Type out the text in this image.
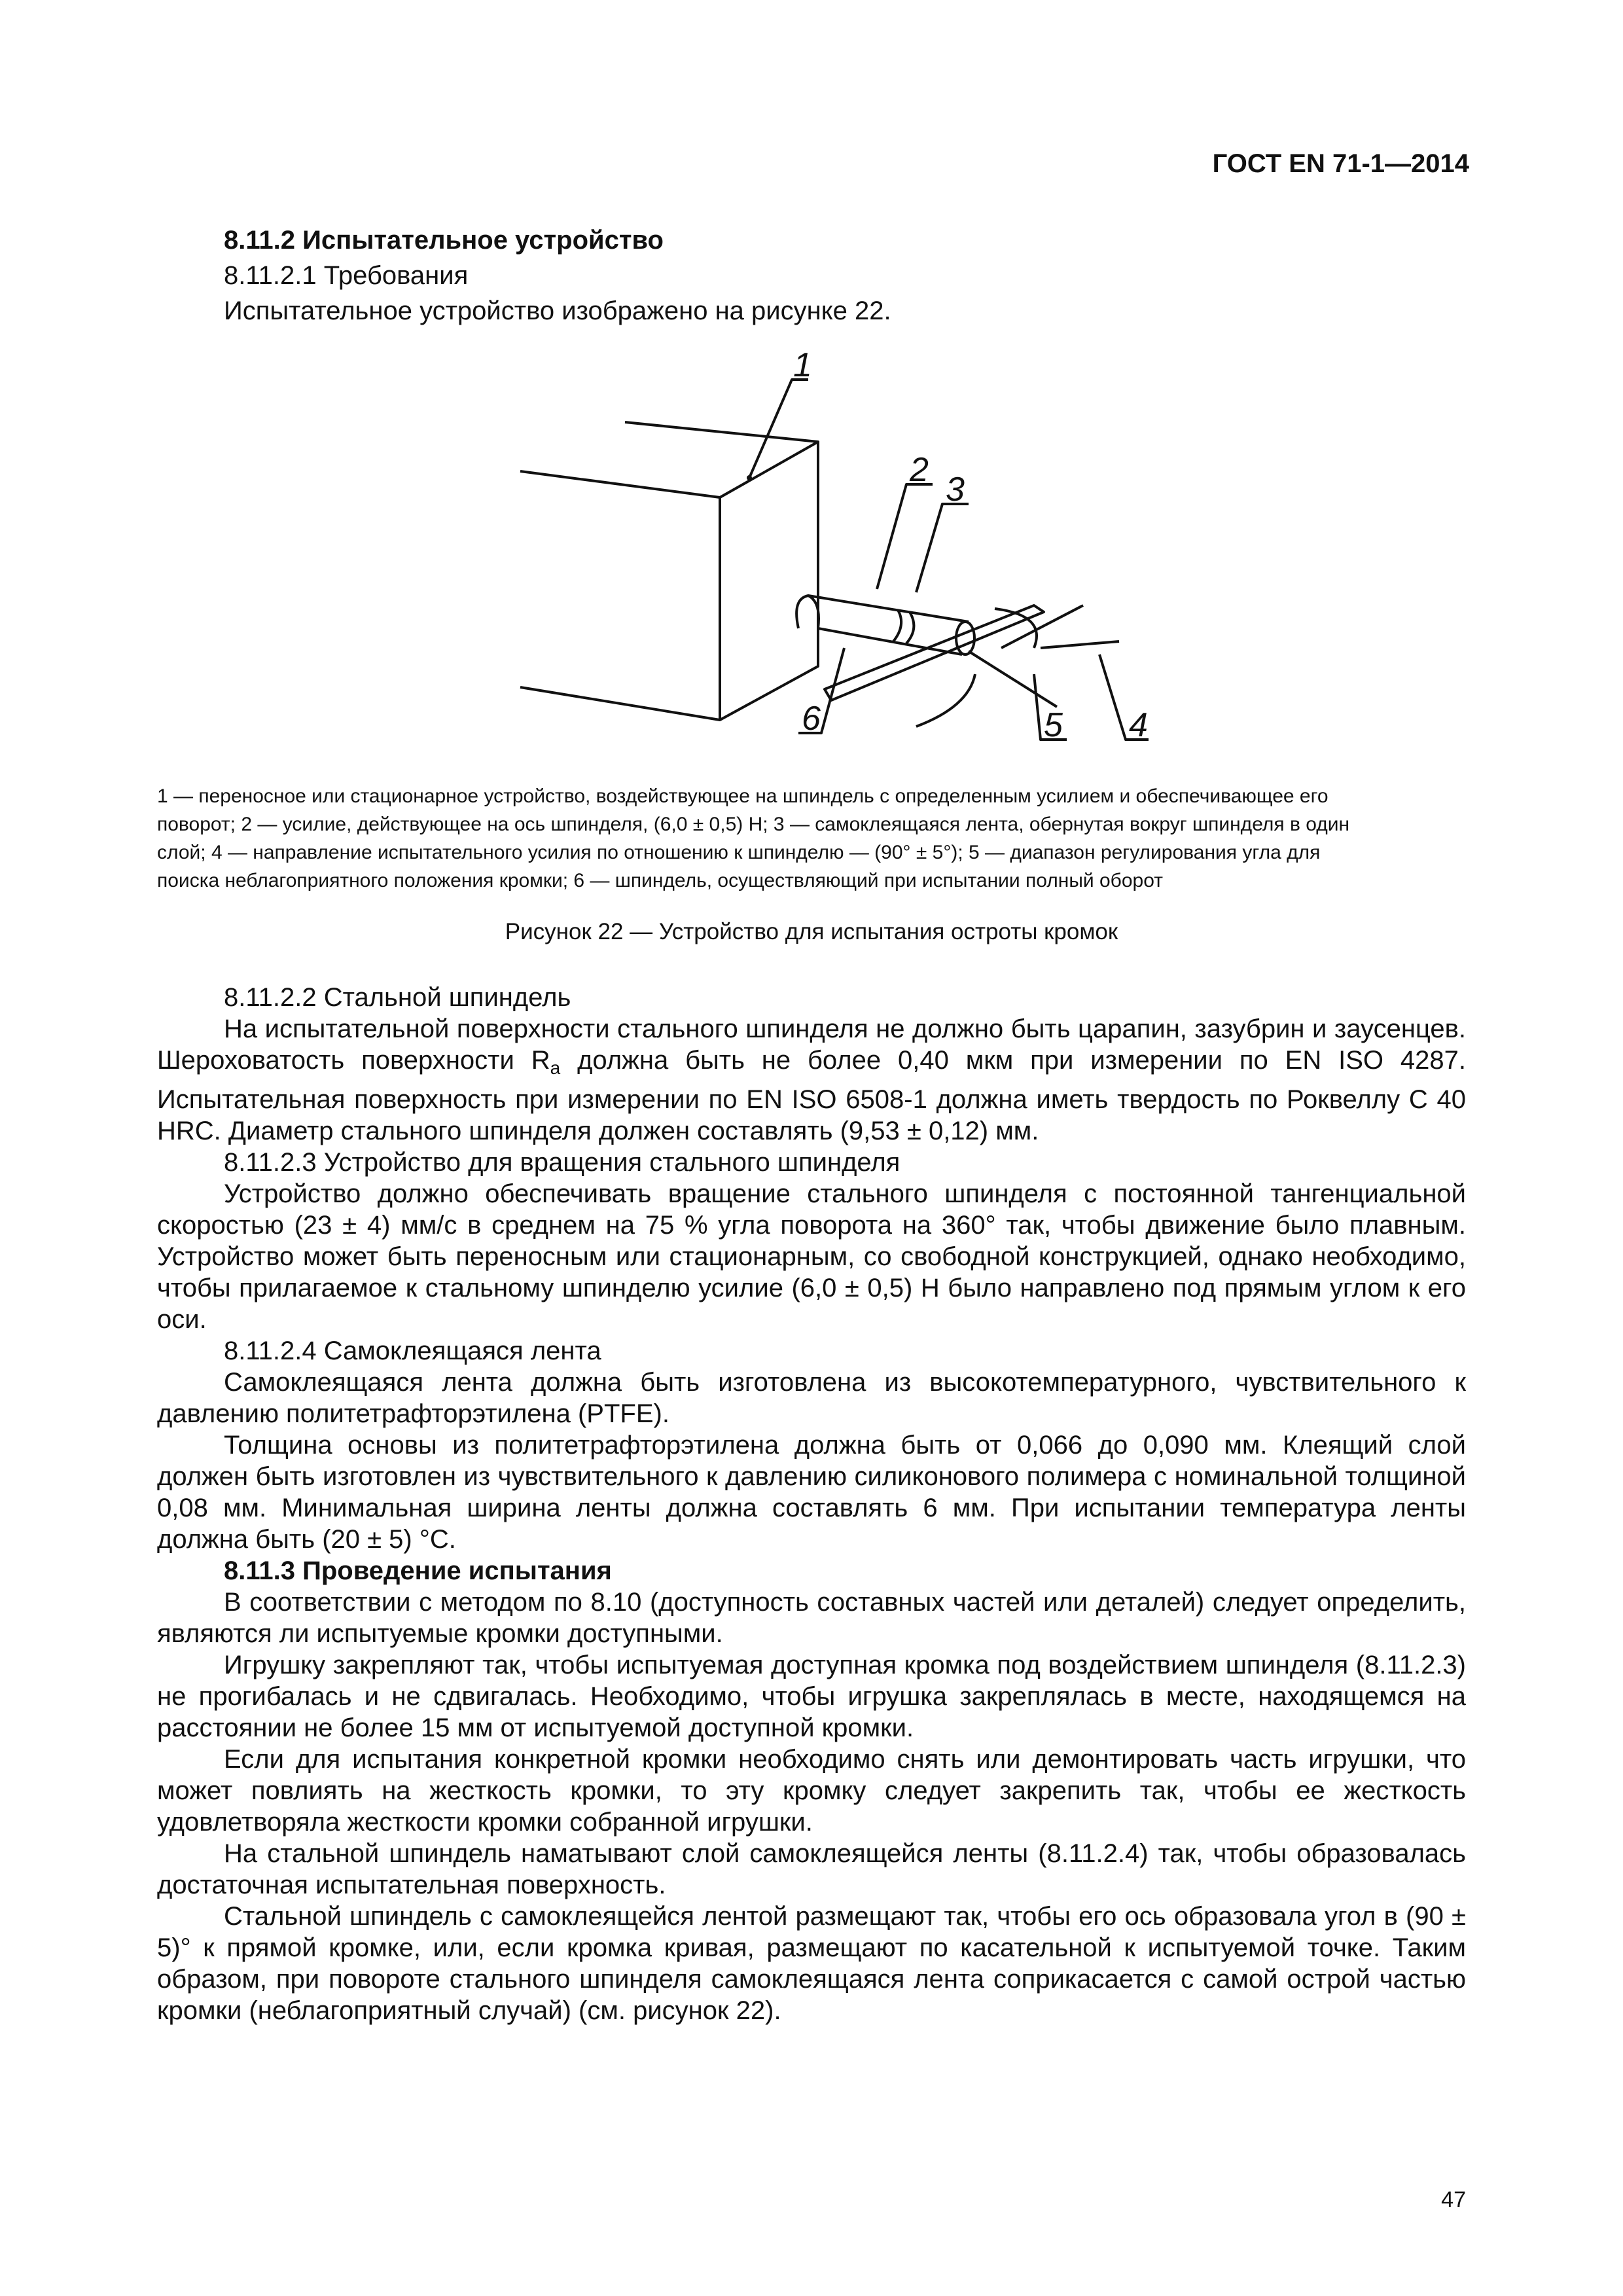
ГОСТ EN 71-1—2014
8.11.2 Испытательное устройство
8.11.2.1 Требования
Испытательное устройство изображено на рисунке 22.
1
2
3
4
5
6
1 — переносное или стационарное устройство, воздействующее на шпиндель с определенным усилием и обеспечивающее его
поворот; 2 — усилие, действующее на ось шпинделя, (6,0 ± 0,5) Н; 3 — самоклеящаяся лента, обернутая вокруг шпинделя в один
слой; 4 — направление испытательного усилия по отношению к шпинделю — (90° ± 5°); 5 — диапазон регулирования угла для
поиска неблагоприятного положения кромки; 6 — шпиндель, осуществляющий при испытании полный оборот
Рисунок 22 — Устройство для испытания остроты кромок

8.11.2.2 Стальной шпиндель

На испытательной поверхности стального шпинделя не должно быть царапин, зазубрин и заусенцев. Шероховатость поверхности $R_a$ должна быть не более 0,40 мкм при измерении по EN ISO 4287. Испытательная поверхность при измерении по EN ISO 6508-1 должна иметь твердость по Роквеллу С 40 HRC. Диаметр стального шпинделя должен составлять (9,53 ± 0,12) мм.

8.11.2.3 Устройство для вращения стального шпинделя

Устройство должно обеспечивать вращение стального шпинделя с постоянной тангенциальной скоростью (23 ± 4) мм/с в среднем на 75 % угла поворота на 360° так, чтобы движение было плавным. Устройство может быть переносным или стационарным, со свободной конструкцией, однако необходимо, чтобы прилагаемое к стальному шпинделю усилие (6,0 ± 0,5) Н было направлено под прямым углом к его оси.

8.11.2.4 Самоклеящаяся лента

Самоклеящаяся лента должна быть изготовлена из высокотемпературного, чувствительного к давлению политетрафторэтилена (PTFE).

Толщина основы из политетрафторэтилена должна быть от 0,066 до 0,090 мм. Клеящий слой должен быть изготовлен из чувствительного к давлению силиконового полимера с номинальной толщиной 0,08 мм. Минимальная ширина ленты должна составлять 6 мм. При испытании температура ленты должна быть (20 ± 5) °С.

8.11.3 Проведение испытания

В соответствии с методом по 8.10 (доступность составных частей или деталей) следует определить, являются ли испытуемые кромки доступными.

Игрушку закрепляют так, чтобы испытуемая доступная кромка под воздействием шпинделя (8.11.2.3) не прогибалась и не сдвигалась. Необходимо, чтобы игрушка закреплялась в месте, находящемся на расстоянии не более 15 мм от испытуемой доступной кромки.

Если для испытания конкретной кромки необходимо снять или демонтировать часть игрушки, что может повлиять на жесткость кромки, то эту кромку следует закрепить так, чтобы ее жесткость удовлетворяла жесткости кромки собранной игрушки.

На стальной шпиндель наматывают слой самоклеящейся ленты (8.11.2.4) так, чтобы образовалась достаточная испытательная поверхность.

Стальной шпиндель с самоклеящейся лентой размещают так, чтобы его ось образовала угол в (90 ± 5)° к прямой кромке, или, если кромка кривая, размещают по касательной к испытуемой точке. Таким образом, при повороте стального шпинделя самоклеящаяся лента соприкасается с самой острой частью кромки (неблагоприятный случай) (см. рисунок 22).

47
